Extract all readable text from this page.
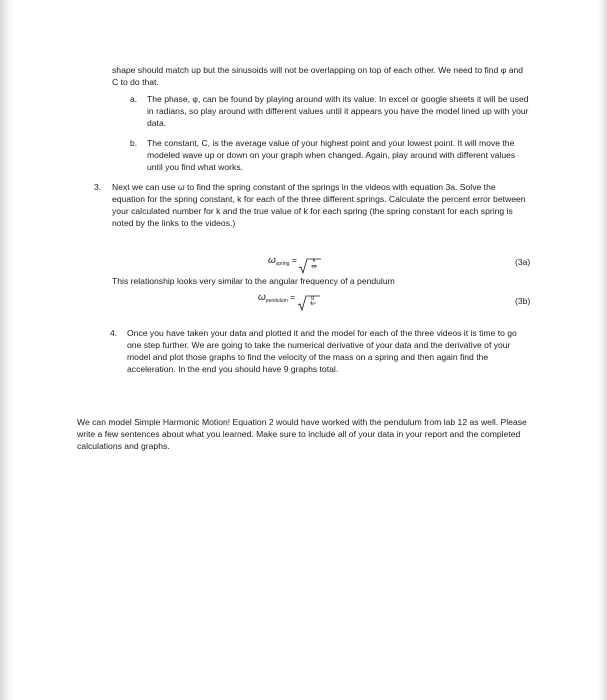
shape should match up but the sinusoids will not be overlapping on top of each other. We need to find φ and C to do that.

a. The phase, φ, can be found by playing around with its value. In excel or google sheets it will be used in radians, so play around with different values until it appears you have the model lined up with your data.
b. The constant, C, is the average value of your highest point and your lowest point. It will move the modeled wave up or down on your graph when changed. Again, play around with different values until you find what works.
3. Next we can use ω to find the spring constant of the springs in the videos with equation 3a. Solve the equation for the spring constant, k for each of the three different springs. Calculate the percent error between your calculated number for k and the true value of k for each spring (the spring constant for each spring is noted by the links to the videos.)
$\omega_{spring}$ =	k
m	(3a)

This relationship looks very similar to the angular frequency of a pendulum

$\omega_{pendulum}$ =	g
L	(3b)
4. Once you have taken your data and plotted it and the model for each of the three videos it is time to go one step further. We are going to take the numerical derivative of your data and the derivative of your model and plot those graphs to find the velocity of the mass on a spring and then again find the acceleration. In the end you should have 9 graphs total.

We can model Simple Harmonic Motion! Equation 2 would have worked with the pendulum from lab 12 as well. Please write a few sentences about what you learned. Make sure to include all of your data in your report and the completed calculations and graphs.
